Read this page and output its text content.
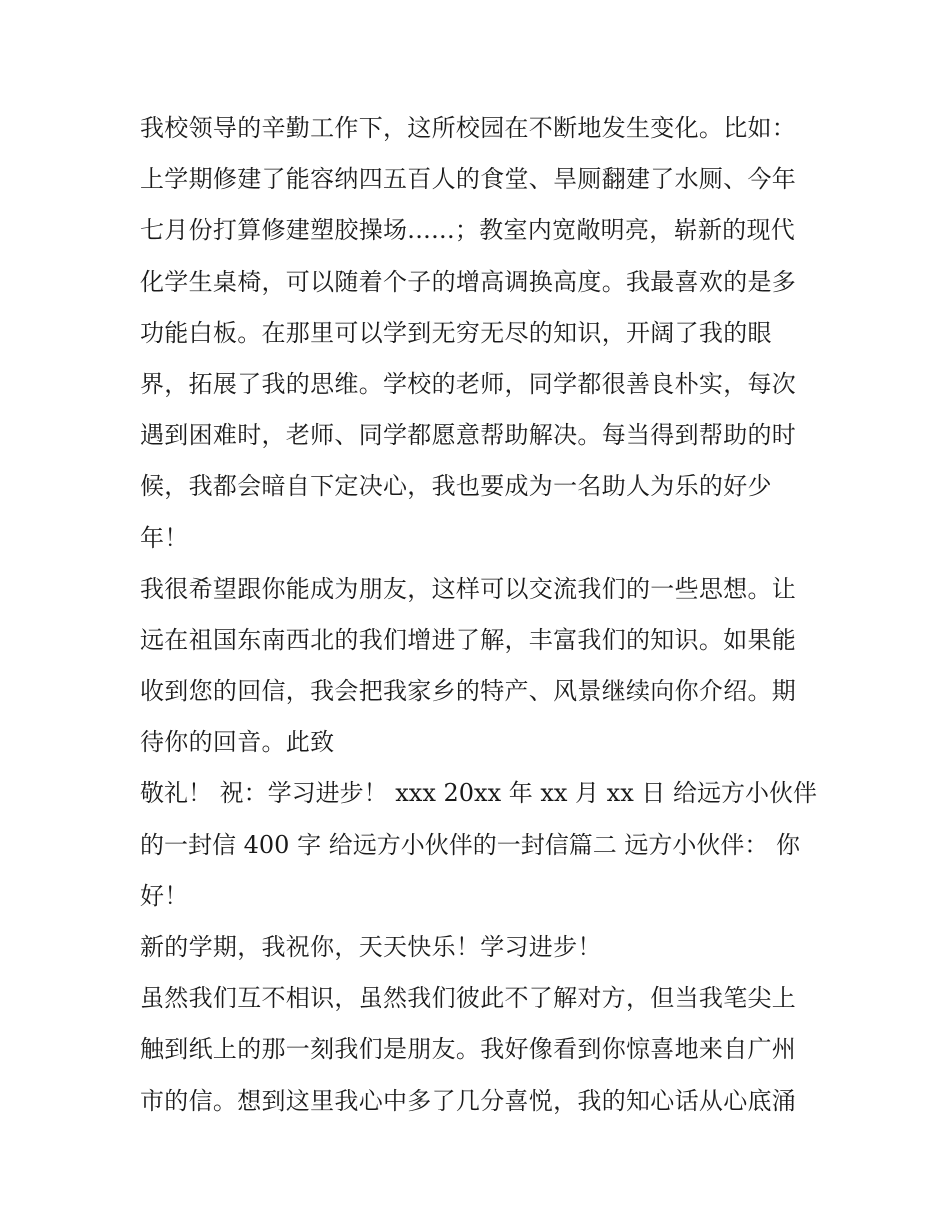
我校领导的辛勤工作下，这所校园在不断地发生变化。比如：
上学期修建了能容纳四五百人的食堂、旱厕翻建了水厕、今年
七月份打算修建塑胶操场......；教室内宽敞明亮，崭新的现代
化学生桌椅，可以随着个子的增高调换高度。我最喜欢的是多
功能白板。在那里可以学到无穷无尽的知识，开阔了我的眼
界，拓展了我的思维。学校的老师，同学都很善良朴实，每次
遇到困难时，老师、同学都愿意帮助解决。每当得到帮助的时
候，我都会暗自下定决心，我也要成为一名助人为乐的好少
年！
我很希望跟你能成为朋友，这样可以交流我们的一些思想。让
远在祖国东南西北的我们增进了解，丰富我们的知识。如果能
收到您的回信，我会把我家乡的特产、风景继续向你介绍。期
待你的回音。此致
敬礼！ 祝：学习进步！ xxx 20xx 年 xx 月 xx 日 给远方小伙伴
的一封信 400 字 给远方小伙伴的一封信篇二 远方小伙伴： 你
好！
新的学期，我祝你，天天快乐！学习进步！
虽然我们互不相识，虽然我们彼此不了解对方，但当我笔尖上
触到纸上的那一刻我们是朋友。我好像看到你惊喜地来自广州
市的信。想到这里我心中多了几分喜悦，我的知心话从心底涌
